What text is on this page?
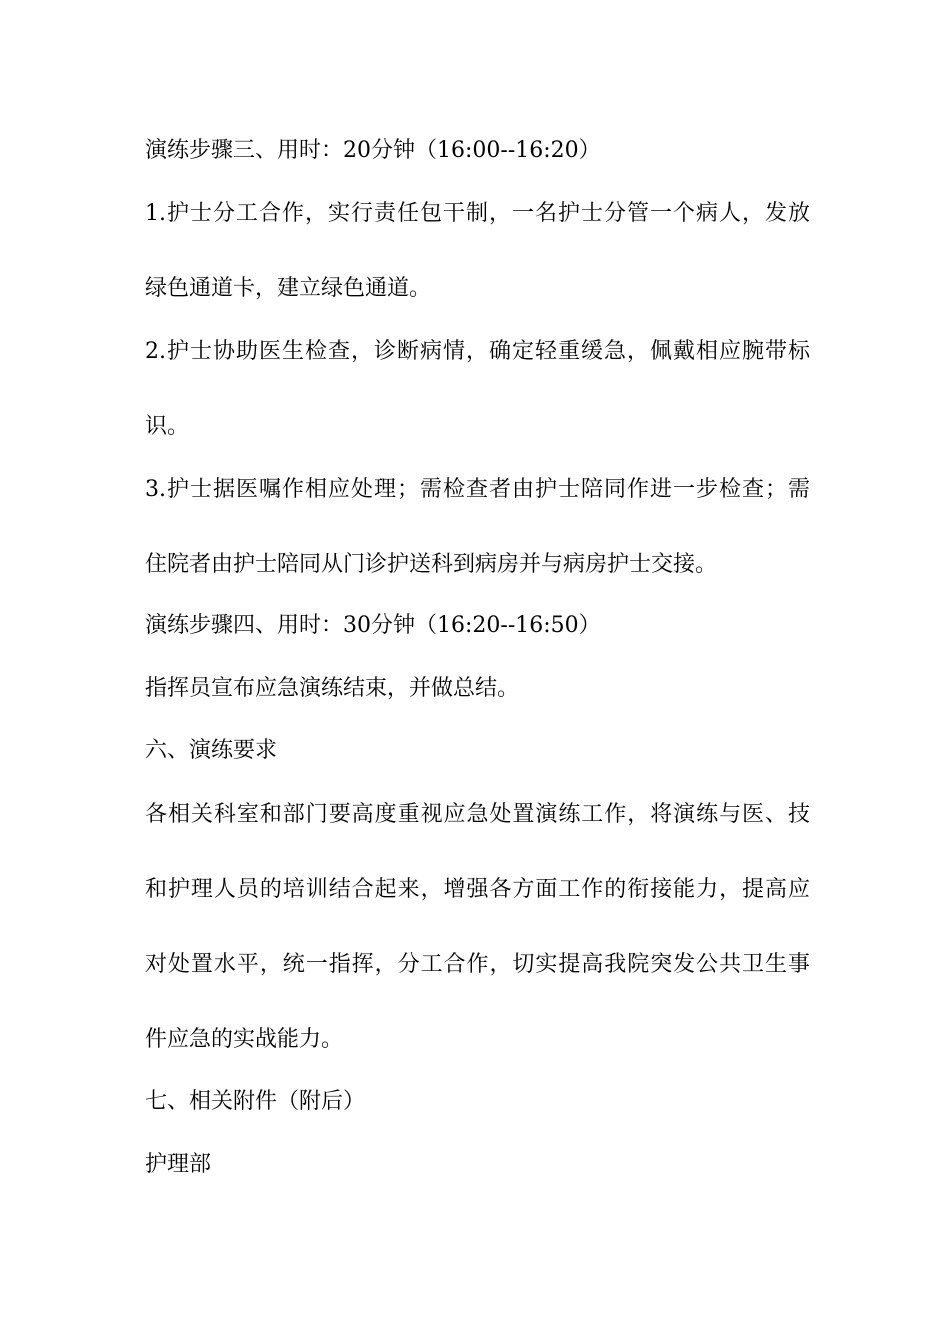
演练步骤三、用时：20分钟（16:00--16:20）
1.护士分工合作，实行责任包干制，一名护士分管一个病人，发放
绿色通道卡，建立绿色通道。
2.护士协助医生检查，诊断病情，确定轻重缓急，佩戴相应腕带标
识。
3.护士据医嘱作相应处理；需检查者由护士陪同作进一步检查；需
住院者由护士陪同从门诊护送科到病房并与病房护士交接。
演练步骤四、用时：30分钟（16:20--16:50）
指挥员宣布应急演练结束，并做总结。
六、演练要求
各相关科室和部门要高度重视应急处置演练工作，将演练与医、技
和护理人员的培训结合起来，增强各方面工作的衔接能力，提高应
对处置水平，统一指挥，分工合作，切实提高我院突发公共卫生事
件应急的实战能力。
七、相关附件（附后）
护理部
